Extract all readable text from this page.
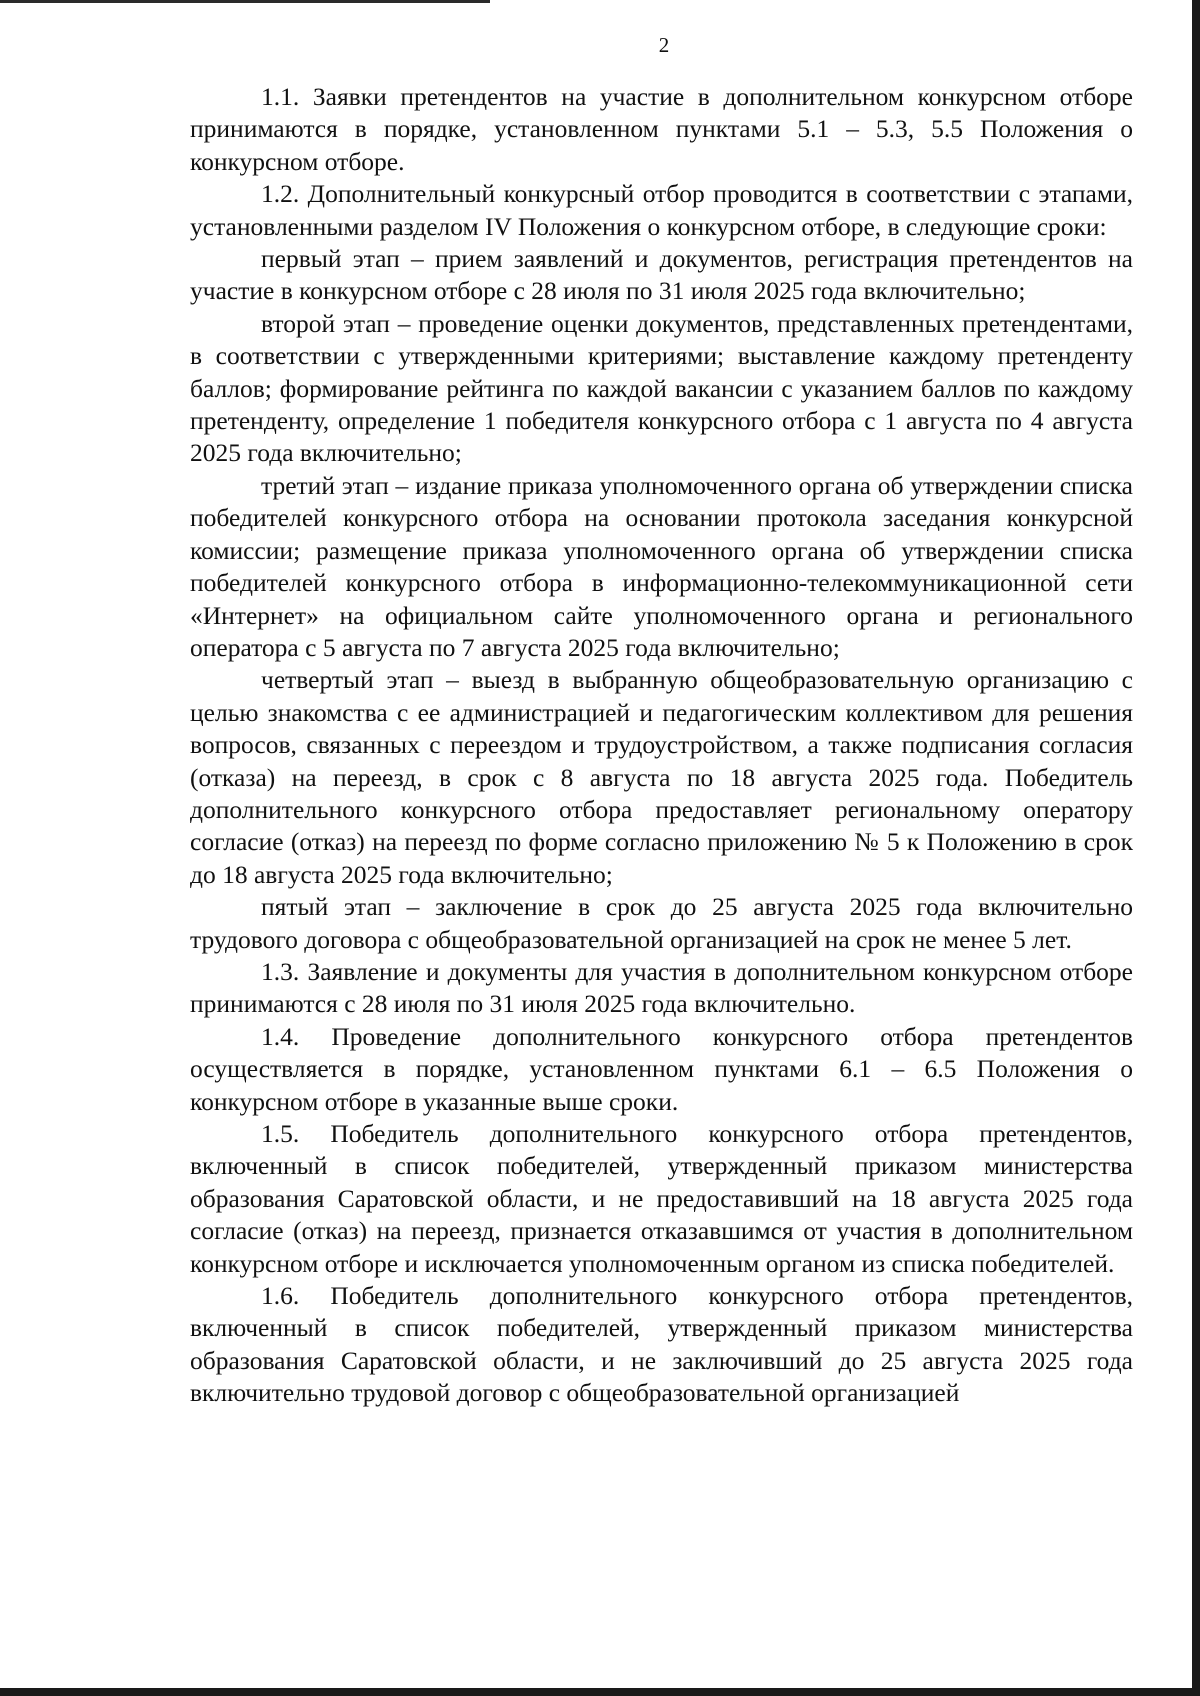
2

1.1. Заявки претендентов на участие в дополнительном конкурсном отборе принимаются в порядке, установленном пунктами 5.1 – 5.3, 5.5 Положения о конкурсном отборе.

1.2. Дополнительный конкурсный отбор проводится в соответствии с этапами, установленными разделом IV Положения о конкурсном отборе, в следующие сроки:

первый этап – прием заявлений и документов, регистрация претендентов на участие в конкурсном отборе с 28 июля по 31 июля 2025 года включительно;

второй этап – проведение оценки документов, представленных претендентами, в соответствии с утвержденными критериями; выставление каждому претенденту баллов; формирование рейтинга по каждой вакансии с указанием баллов по каждому претенденту, определение 1 победителя конкурсного отбора с 1 августа по 4 августа 2025 года включительно;

третий этап – издание приказа уполномоченного органа об утверждении списка победителей конкурсного отбора на основании протокола заседания конкурсной комиссии; размещение приказа уполномоченного органа об утверждении списка победителей конкурсного отбора в информационно-телекоммуникационной сети «Интернет» на официальном сайте уполномоченного органа и регионального оператора с 5 августа по 7 августа 2025 года включительно;

четвертый этап – выезд в выбранную общеобразовательную организацию с целью знакомства с ее администрацией и педагогическим коллективом для решения вопросов, связанных с переездом и трудоустройством, а также подписания согласия (отказа) на переезд, в срок с 8 августа по 18 августа 2025 года. Победитель дополнительного конкурсного отбора предоставляет региональному оператору согласие (отказ) на переезд по форме согласно приложению № 5 к Положению в срок до 18 августа 2025 года включительно;

пятый этап – заключение в срок до 25 августа 2025 года включительно трудового договора с общеобразовательной организацией на срок не менее 5 лет.

1.3. Заявление и документы для участия в дополнительном конкурсном отборе принимаются с 28 июля по 31 июля 2025 года включительно.

1.4. Проведение дополнительного конкурсного отбора претендентов осуществляется в порядке, установленном пунктами 6.1 – 6.5 Положения о конкурсном отборе в указанные выше сроки.

1.5. Победитель дополнительного конкурсного отбора претендентов, включенный в список победителей, утвержденный приказом министерства образования Саратовской области, и не предоставивший на 18 августа 2025 года согласие (отказ) на переезд, признается отказавшимся от участия в дополнительном конкурсном отборе и исключается уполномоченным органом из списка победителей.

1.6. Победитель дополнительного конкурсного отбора претендентов, включенный в список победителей, утвержденный приказом министерства образования Саратовской области, и не заключивший до 25 августа 2025 года включительно трудовой договор с общеобразовательной организацией
